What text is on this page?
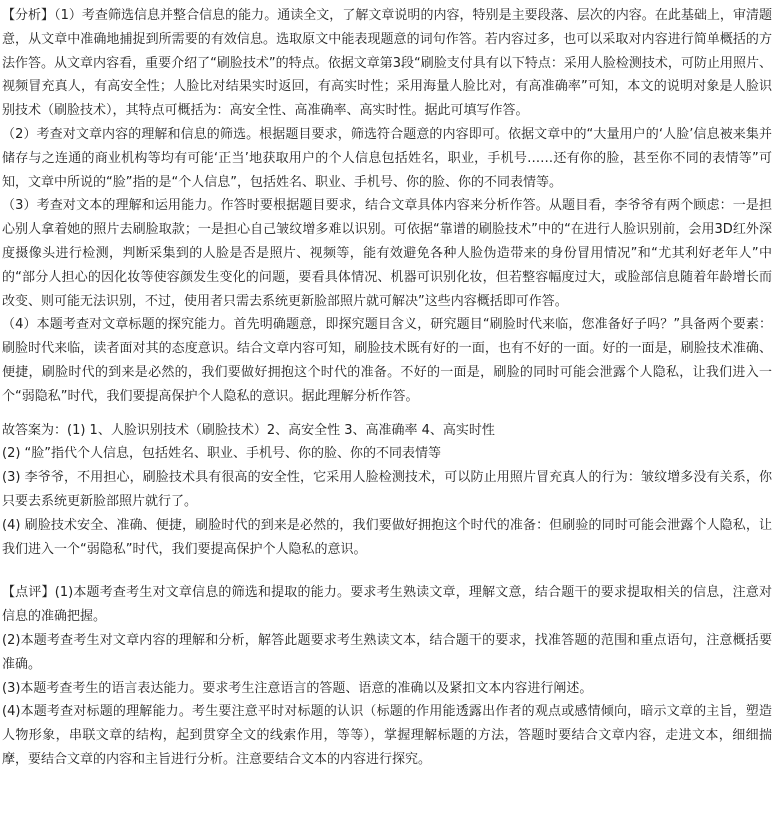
【分析】（1）考查筛选信息并整合信息的能力。通读全文，了解文章说明的内容，特别是主要段落、层次的内容。在此基础上，审清题意，从文章中准确地捕捉到所需要的有效信息。选取原文中能表现题意的词句作答。若内容过多，也可以采取对内容进行简单概括的方法作答。从文章内容看，重要介绍了“刷脸技术”的特点。依据文章第3段“刷脸支付具有以下特点：采用人脸检测技术，可防止用照片、视频冒充真人，有高安全性；人脸比对结果实时返回，有高实时性；采用海量人脸比对，有高准确率”可知，本文的说明对象是人脸识别技术（刷脸技术），其特点可概括为：高安全性、高准确率、高实时性。据此可填写作答。

（2）考查对文章内容的理解和信息的筛选。根据题目要求，筛选符合题意的内容即可。依据文章中的“大量用户的‘人脸’信息被来集并储存与之连通的商业机构等均有可能‘正当’地获取用户的个人信息包括姓名，职业，手机号……还有你的脸，甚至你不同的表情等”可知，文章中所说的“脸”指的是“个人信息”，包括姓名、职业、手机号、你的脸、你的不同表情等。

（3）考查对文本的理解和运用能力。作答时要根据题目要求，结合文章具体内容来分析作答。从题目看，李爷爷有两个顾虑：一是担心别人拿着她的照片去刷脸取款；一是担心自己皱纹增多难以识别。可依据“靠谱的刷脸技术”中的“在进行人脸识别前，会用3D红外深度摄像头进行检测，判断采集到的人脸是否是照片、视频等，能有效避免各种人脸伪造带来的身份冒用情况”和“尤其利好老年人”中的“部分人担心的因化妆等使容颜发生变化的问题，要看具体情况、机器可识别化妆，但若整容幅度过大，或脸部信息随着年龄增长而改变、则可能无法识别，不过，使用者只需去系统更新脸部照片就可解决”这些内容概括即可作答。

（4）本题考查对文章标题的探究能力。首先明确题意，即探究题目含义，研究题目“刷脸时代来临，您准备好子吗？”具备两个要素：刷脸时代来临，读者面对其的态度意识。结合文章内容可知，刷脸技术既有好的一面，也有不好的一面。好的一面是，刷脸技术准确、便捷，刷脸时代的到来是必然的，我们要做好拥抱这个时代的准备。不好的一面是，刷脸的同时可能会泄露个人隐私，让我们进入一个“弱隐私”时代，我们要提高保护个人隐私的意识。据此理解分析作答。

故答案为：(1) 1、人脸识别技术（刷脸技术）2、高安全性 3、高准确率 4、高实时性

(2) “脸”指代个人信息，包括姓名、职业、手机号、你的脸、你的不同表情等

(3) 李爷爷，不用担心，刷脸技术具有很高的安全性，它采用人脸检测技术，可以防止用照片冒充真人的行为：皱纹增多没有关系，你只要去系统更新脸部照片就行了。

(4) 刷脸技术安全、准确、便捷，刷脸时代的到来是必然的，我们要做好拥抱这个时代的准备：但刷验的同时可能会泄露个人隐私，让我们进入一个“弱隐私”时代，我们要提高保护个人隐私的意识。

【点评】(1)本题考查考生对文章信息的筛选和提取的能力。要求考生熟读文章，理解文意，结合题干的要求提取相关的信息，注意对信息的准确把握。

(2)本题考查考生对文章内容的理解和分析，解答此题要求考生熟读文本，结合题干的要求，找准答题的范围和重点语句，注意概括要准确。

(3)本题考查考生的语言表达能力。要求考生注意语言的答题、语意的准确以及紧扣文本内容进行阐述。

(4)本题考查对标题的理解能力。考生要注意平时对标题的认识（标题的作用能透露出作者的观点或感情倾向，暗示文章的主旨，塑造人物形象，串联文章的结构，起到贯穿全文的线索作用，等等），掌握理解标题的方法，答题时要结合文章内容，走进文本，细细揣摩，要结合文章的内容和主旨进行分析。注意要结合文本的内容进行探究。
